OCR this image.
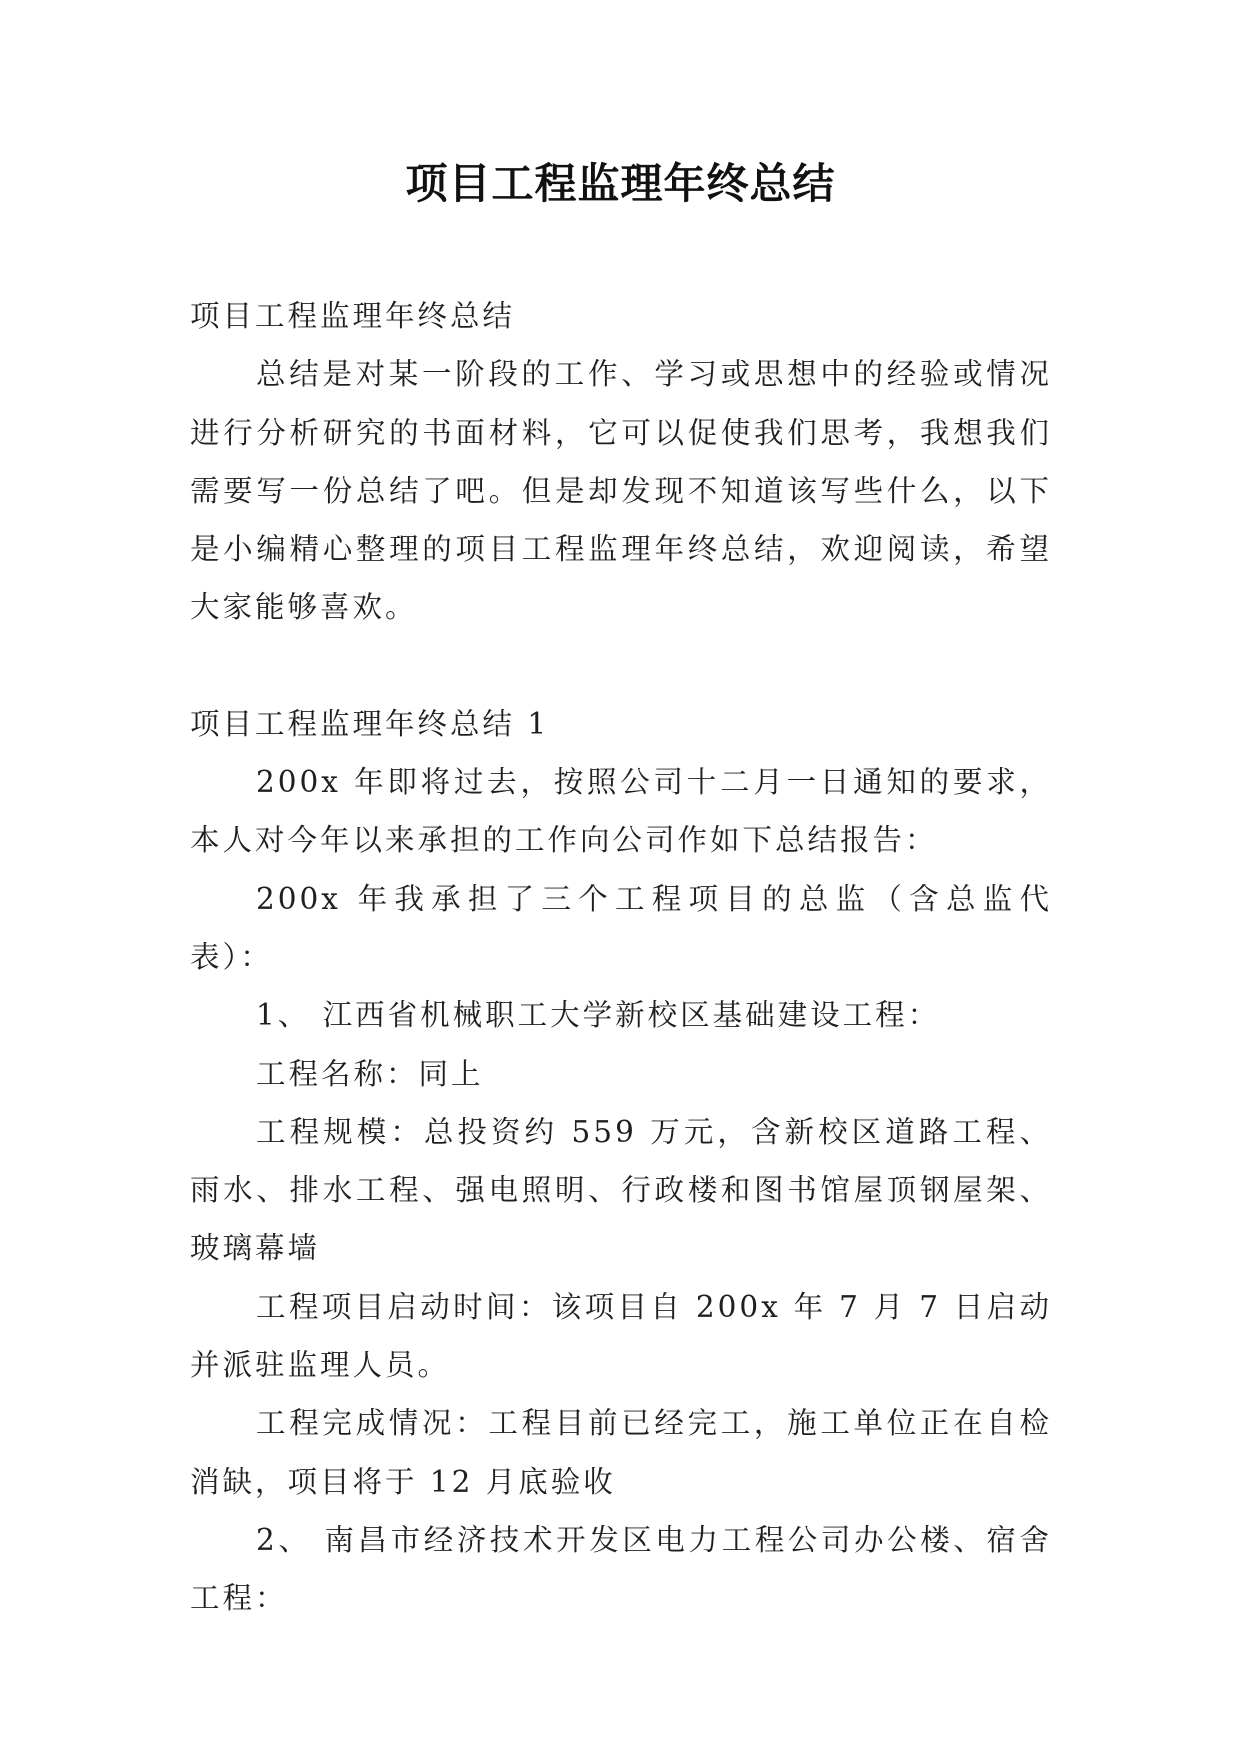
项目工程监理年终总结

项目工程监理年终总结

总结是对某一阶段的工作、学习或思想中的经验或情况进行分析研究的书面材料，它可以促使我们思考，我想我们需要写一份总结了吧。但是却发现不知道该写些什么，以下是小编精心整理的项目工程监理年终总结，欢迎阅读，希望大家能够喜欢。

项目工程监理年终总结 1

200x 年即将过去，按照公司十二月一日通知的要求，本人对今年以来承担的工作向公司作如下总结报告：

200x 年我承担了三个工程项目的总监（含总监代表）：

1、 江西省机械职工大学新校区基础建设工程：

工程名称：同上

工程规模：总投资约 559 万元，含新校区道路工程、雨水、排水工程、强电照明、行政楼和图书馆屋顶钢屋架、玻璃幕墙

工程项目启动时间：该项目自 200x 年 7 月 7 日启动并派驻监理人员。

工程完成情况：工程目前已经完工，施工单位正在自检消缺，项目将于 12 月底验收

2、 南昌市经济技术开发区电力工程公司办公楼、宿舍工程：
